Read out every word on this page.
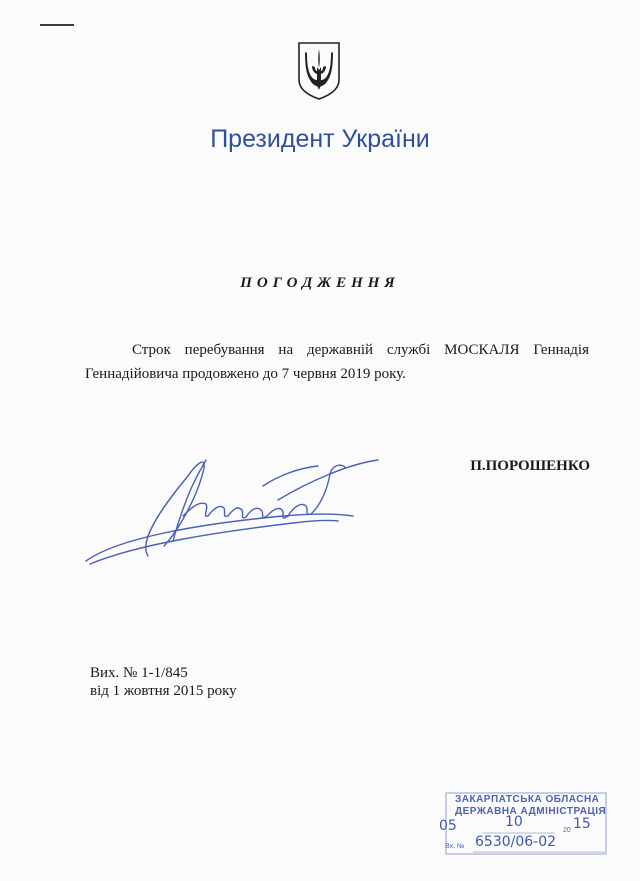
Президент України
ПОГОДЖЕННЯ
Строк перебування на державній службі МОСКАЛЯ Геннадія Геннадійовича продовжено до 7 червня 2019 року.
П.ПОРОШЕНКО
Вих. № 1-1/845
від 1 жовтня 2015 року
ЗАКАРПАТСЬКА ОБЛАСНА
ДЕРЖАВНА АДМІНІСТРАЦІЯ
05	10
20 15
Вх. № 6530/06-02
